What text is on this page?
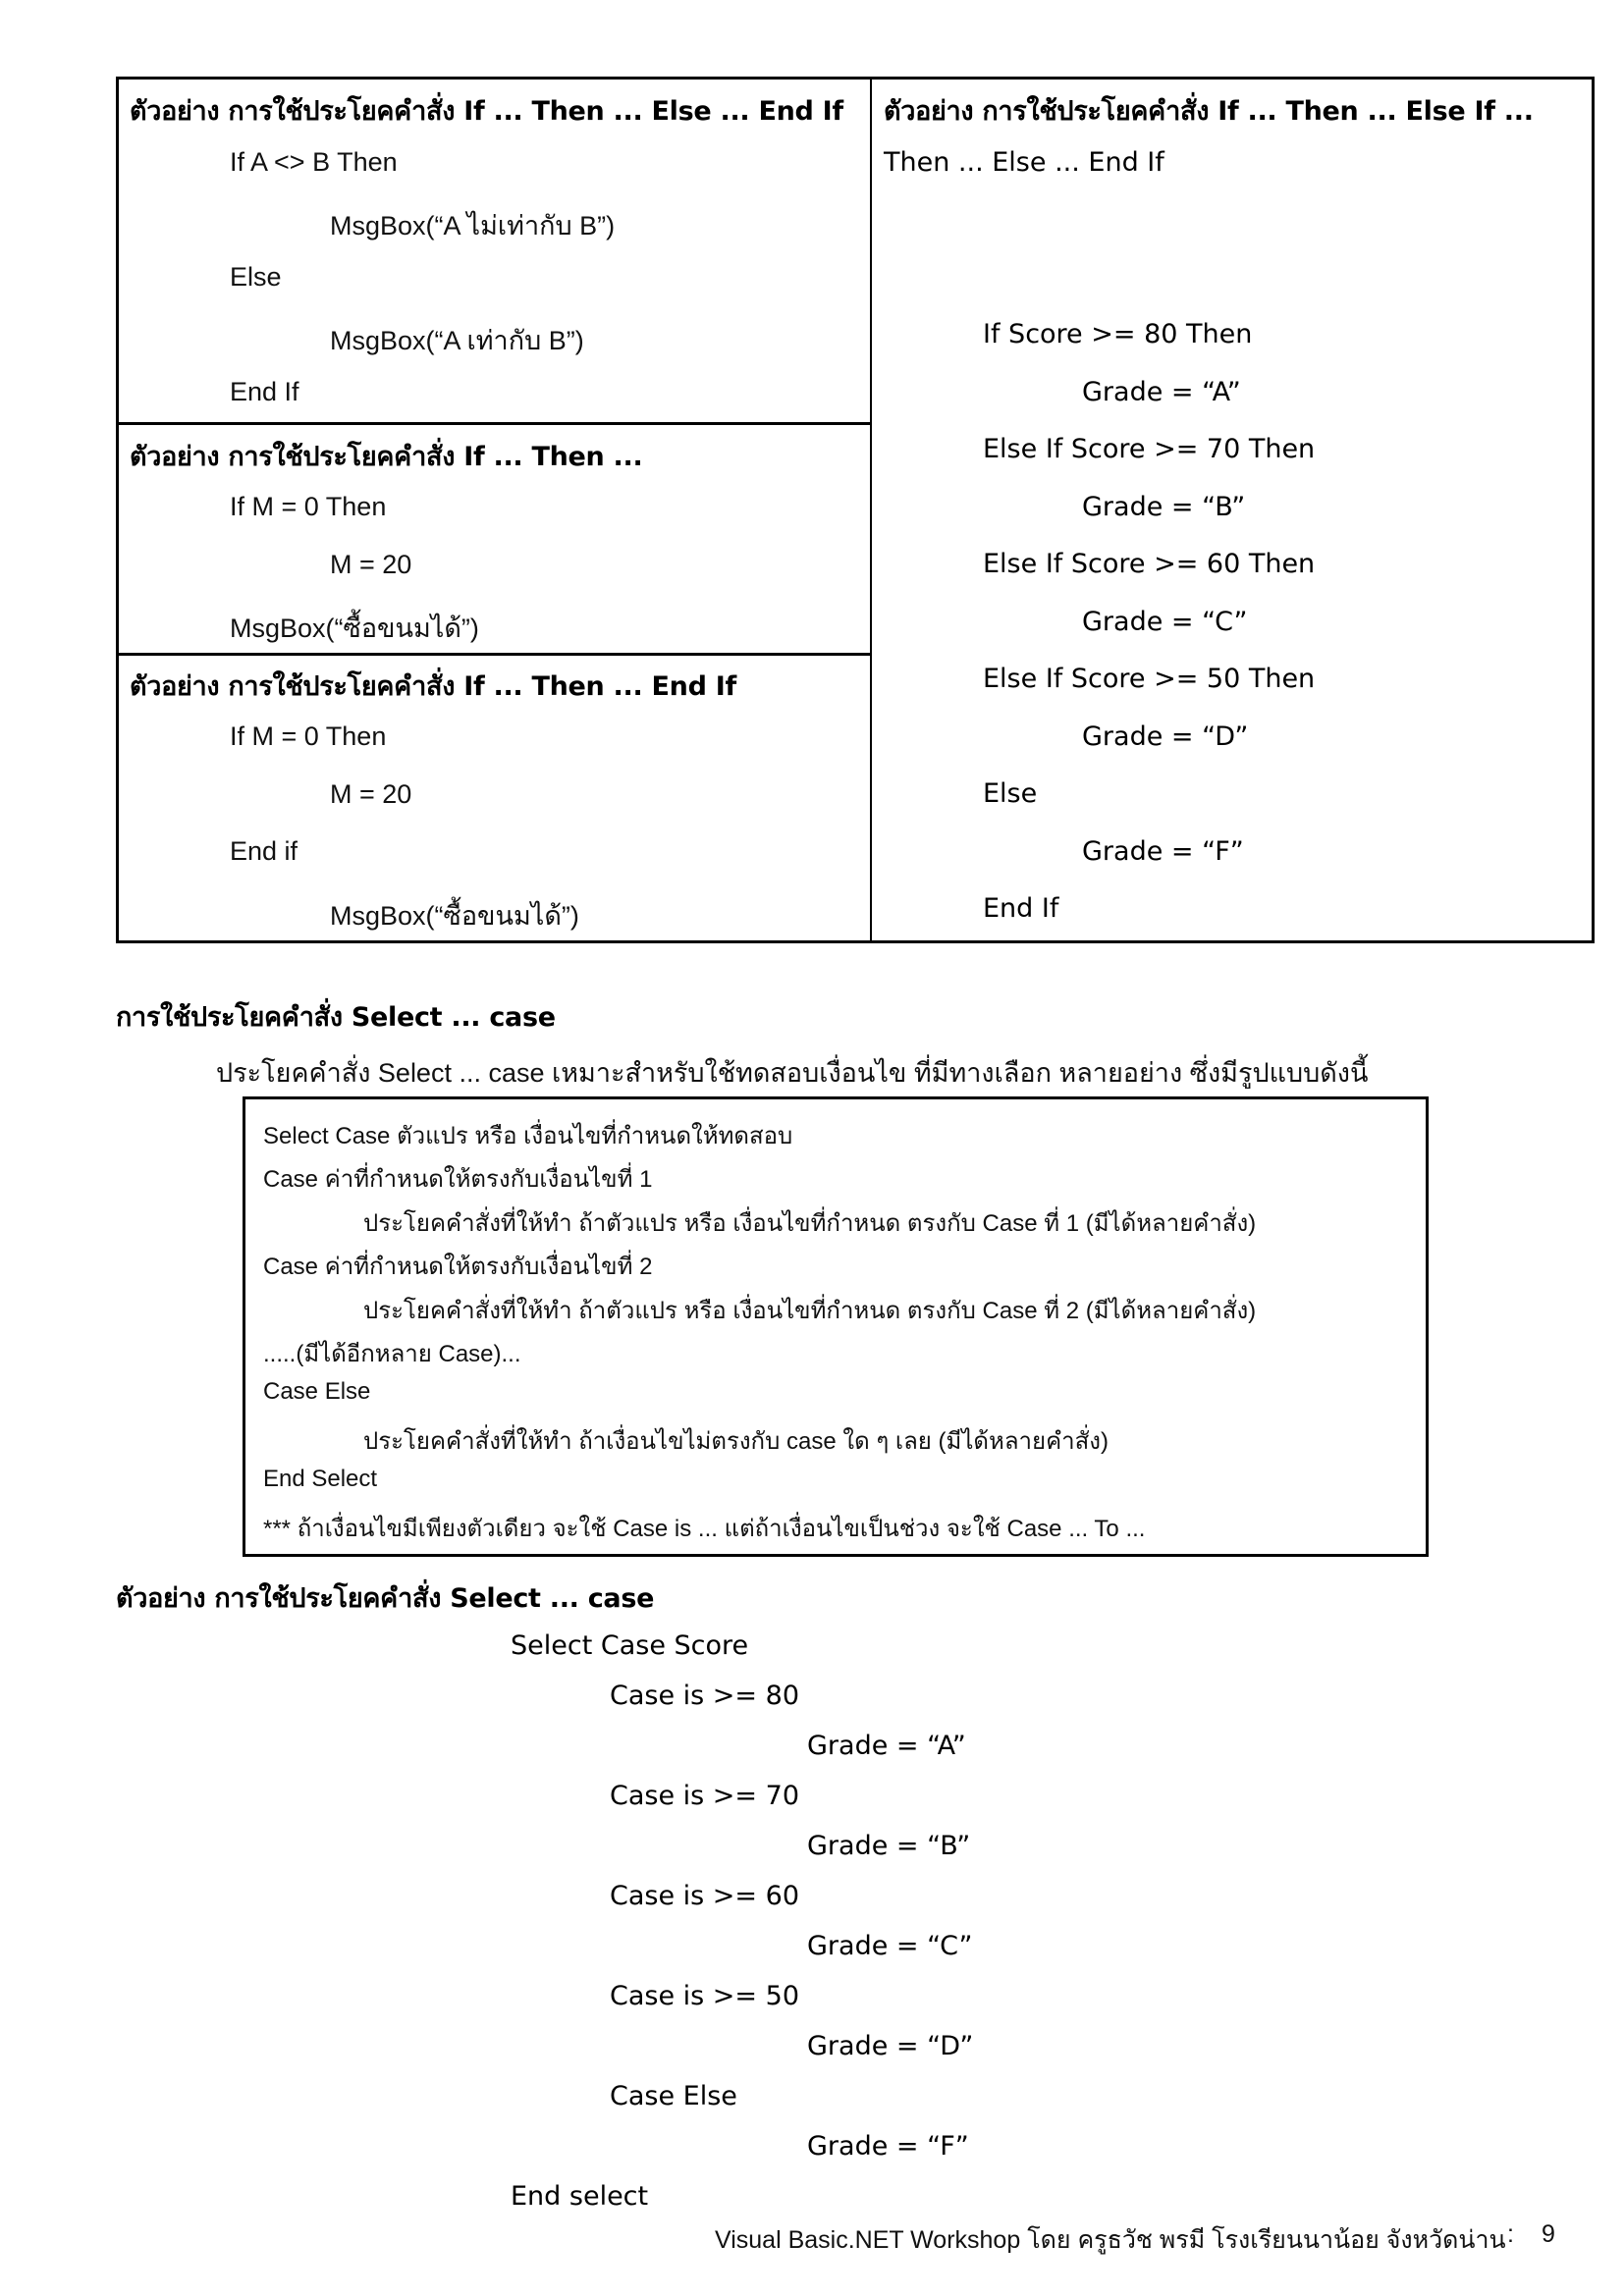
ตัวอย่าง การใช้ประโยคคำสั่ง If ... Then ... Else ... End If
If A <> B Then
MsgBox(“A ไม่เท่ากับ B”)
Else
MsgBox(“A เท่ากับ B”)
End If
ตัวอย่าง การใช้ประโยคคำสั่ง If ... Then ...
If M = 0 Then
M = 20
MsgBox(“ซื้อขนมได้”)
ตัวอย่าง การใช้ประโยคคำสั่ง If ... Then ... End If
If M = 0 Then
M = 20
End if
MsgBox(“ซื้อขนมได้”)
ตัวอย่าง การใช้ประโยคคำสั่ง If ... Then ... Else If ...
Then ... Else ... End If
If Score >= 80 Then
Grade = “A”
Else If Score >= 70 Then
Grade = “B”
Else If Score >= 60 Then
Grade = “C”
Else If Score >= 50 Then
Grade = “D”
Else
Grade = “F”
End If
การใช้ประโยคคำสั่ง Select ... case
ประโยคคำสั่ง Select ... case เหมาะสำหรับใช้ทดสอบเงื่อนไข ที่มีทางเลือก หลายอย่าง ซึ่งมีรูปแบบดังนี้
Select Case ตัวแปร หรือ เงื่อนไขที่กำหนดให้ทดสอบ
Case ค่าที่กำหนดให้ตรงกับเงื่อนไขที่ 1
ประโยคคำสั่งที่ให้ทำ ถ้าตัวแปร หรือ เงื่อนไขที่กำหนด ตรงกับ Case ที่ 1 (มีได้หลายคำสั่ง)
Case ค่าที่กำหนดให้ตรงกับเงื่อนไขที่ 2
ประโยคคำสั่งที่ให้ทำ ถ้าตัวแปร หรือ เงื่อนไขที่กำหนด ตรงกับ Case ที่ 2 (มีได้หลายคำสั่ง)
.....(มีได้อีกหลาย Case)...
Case Else
ประโยคคำสั่งที่ให้ทำ ถ้าเงื่อนไขไม่ตรงกับ case ใด ๆ เลย (มีได้หลายคำสั่ง)
End Select
*** ถ้าเงื่อนไขมีเพียงตัวเดียว จะใช้ Case is ... แต่ถ้าเงื่อนไขเป็นช่วง จะใช้ Case ... To ...
ตัวอย่าง การใช้ประโยคคำสั่ง Select ... case
Select Case Score
Case is >= 80
Grade = “A”
Case is >= 70
Grade = “B”
Case is >= 60
Grade = “C”
Case is >= 50
Grade = “D”
Case Else
Grade = “F”
End select
Visual Basic.NET Workshop โดย ครูธวัช พรมี โรงเรียนนาน้อย จังหวัดน่าน : 9
